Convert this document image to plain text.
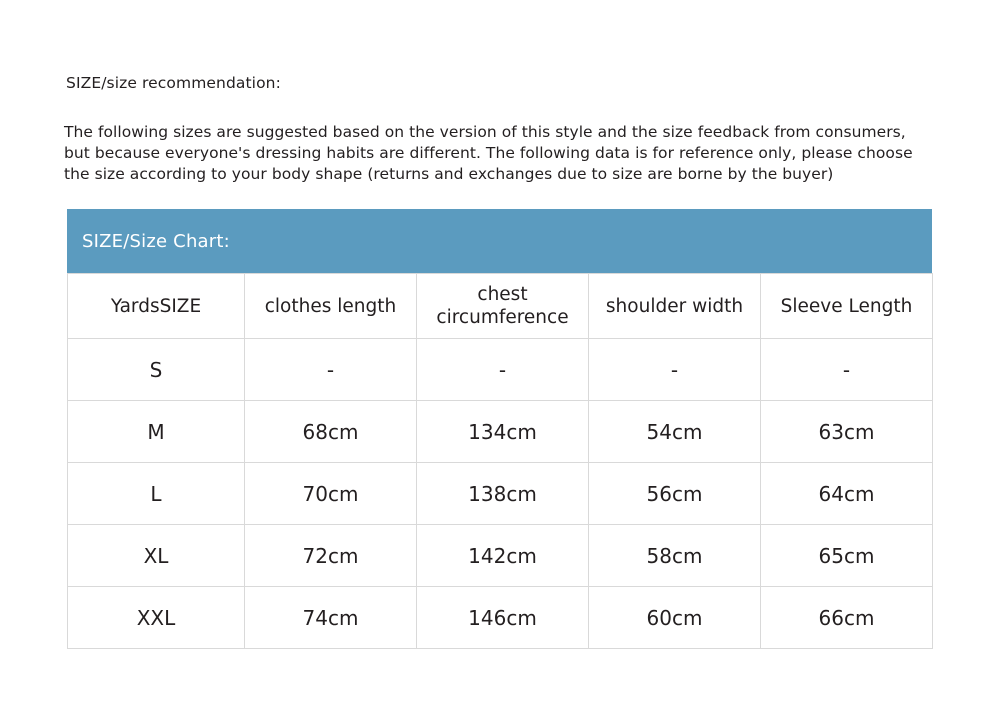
SIZE/size recommendation:
The following sizes are suggested based on the version of this style and the size feedback from consumers,
but because everyone's dressing habits are different. The following data is for reference only, please choose
the size according to your body shape (returns and exchanges due to size are borne by the buyer)
SIZE/Size Chart:
YardsSIZE	clothes length	chest circumference	shoulder width	Sleeve Length

S	-	-	-	-
M	68cm	134cm	54cm	63cm
L	70cm	138cm	56cm	64cm
XL	72cm	142cm	58cm	65cm
XXL	74cm	146cm	60cm	66cm
